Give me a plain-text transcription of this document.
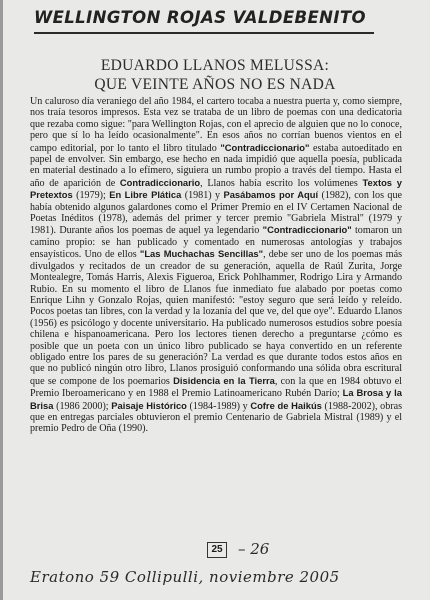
WELLINGTON ROJAS VALDEBENITO
EDUARDO LLANOS MELUSSA:
QUE VEINTE AÑOS NO ES NADA

Un caluroso día veraniego del año 1984, el cartero tocaba a nuestra puerta y, como siempre, nos traía tesoros impresos. Esta vez se trataba de un libro de poemas con una dedicatoria que rezaba como sigue: "para Wellington Rojas, con el aprecio de alguien que no lo conoce, pero que sí lo ha leído ocasionalmente". En esos años no corrían buenos vientos en el campo editorial, por lo tanto el libro titulado "Contradiccionario" estaba autoeditado en papel de envolver. Sin embargo, ese hecho en nada impidió que aquella poesía, publicada en material destinado a lo efímero, siguiera un rumbo propio a través del tiempo. Hasta el año de aparición de Contradiccionario, Llanos había escrito los volúmenes Textos y Pretextos (1979); En Libre Plática (1981) y Pasábamos por Aquí (1982), con los que había obtenido algunos galardones como el Primer Premio en el IV Certamen Nacional de Poetas Inéditos (1978), además del primer y tercer premio "Gabriela Mistral" (1979 y 1981). Durante años los poemas de aquel ya legendario "Contradiccionario" tomaron un camino propio: se han publicado y comentado en numerosas antologías y trabajos ensayísticos. Uno de ellos "Las Muchachas Sencillas", debe ser uno de los poemas más divulgados y recitados de un creador de su generación, aquella de Raúl Zurita, Jorge Montealegre, Tomás Harris, Alexis Figueroa, Erick Pohlhammer, Rodrigo Lira y Armando Rubio. En su momento el libro de Llanos fue inmediato fue alabado por poetas como Enrique Lihn y Gonzalo Rojas, quien manifestó: "estoy seguro que será leído y releído. Pocos poetas tan libres, con la verdad y la lozanía del que ve, del que oye". Eduardo Llanos (1956) es psicólogo y docente universitario. Ha publicado numerosos estudios sobre poesía chilena e hispanoamericana. Pero los lectores tienen derecho a preguntarse ¿cómo es posible que un poeta con un único libro publicado se haya convertido en un referente obligado entre los pares de su generación? La verdad es que durante todos estos años en que no publicó ningún otro libro, Llanos prosiguió conformando una sólida obra escritural que se compone de los poemarios Disidencia en la Tierra, con la que en 1984 obtuvo el Premio Iberoamericano y en 1988 el Premio Latinoamericano Rubén Darío; La Brosa y la Brisa (1986 2000); Paisaje Histórico (1984-1989) y Cofre de Haikús (1988-2002), obras que en entregas parciales obtuvieron el premio Centenario de Gabriela Mistral (1989) y el premio Pedro de Oña (1990).

25 – 26
Eratono 59 Collipulli, noviembre 2005
